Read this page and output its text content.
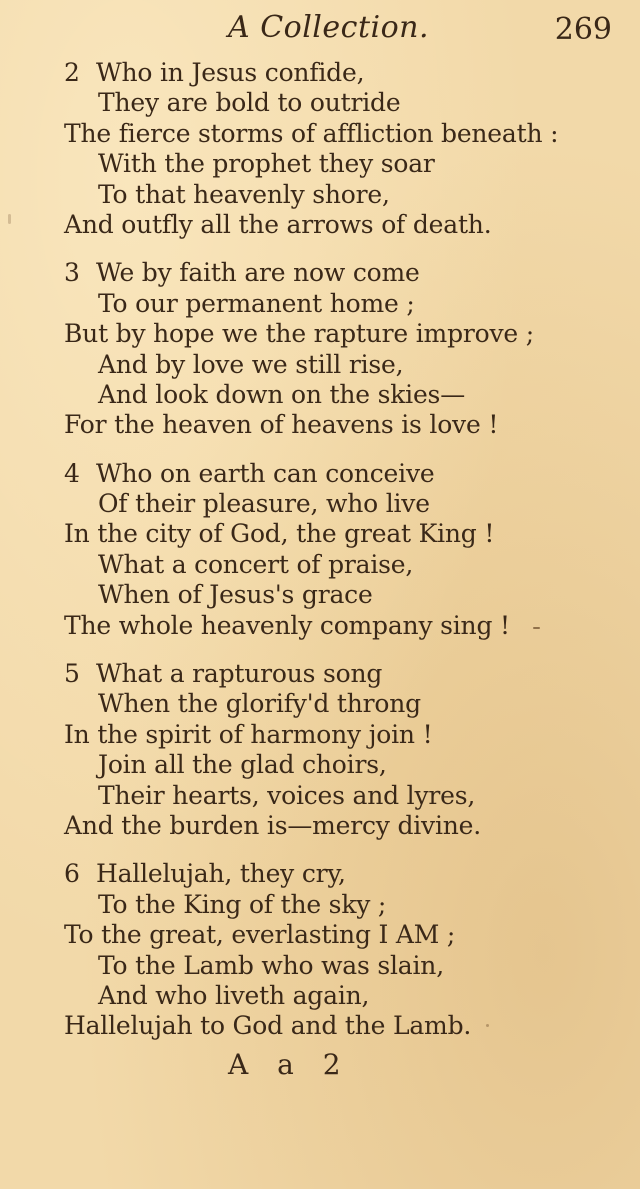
A Collection.	269
2 Who in Jesus confide,
They are bold to outride
The fierce storms of affliction beneath :
With the prophet they soar
To that heavenly shore,
And outfly all the arrows of death.
3 We by faith are now come
To our permanent home ;
But by hope we the rapture improve ;
And by love we still rise,
And look down on the skies—
For the heaven of heavens is love !
4 Who on earth can conceive
Of their pleasure, who live
In the city of God, the great King !
What a concert of praise,
When of Jesus's grace
The whole heavenly company sing !
5 What a rapturous song
When the glorify'd throng
In the spirit of harmony join !
Join all the glad choirs,
Their hearts, voices and lyres,
And the burden is—mercy divine.
6 Hallelujah, they cry,
To the King of the sky ;
To the great, everlasting I AM ;
To the Lamb who was slain,
And who liveth again,
Hallelujah to God and the Lamb.
A a 2
